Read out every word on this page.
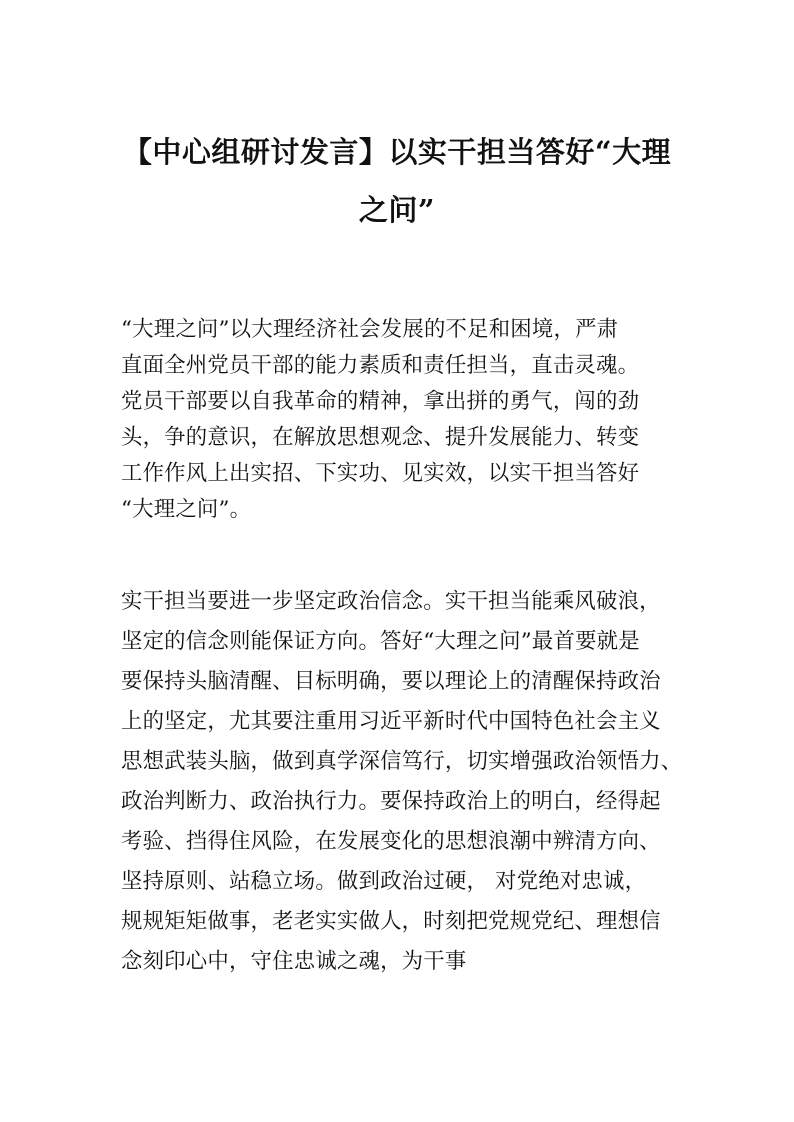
【中心组研讨发言】以实干担当答好“大理
之问”
“大理之问”以大理经济社会发展的不足和困境，严肃
直面全州党员干部的能力素质和责任担当，直击灵魂。
党员干部要以自我革命的精神，拿出拼的勇气，闯的劲
头，争的意识，在解放思想观念、提升发展能力、转变
工作作风上出实招、下实功、见实效，以实干担当答好
“大理之问”。
实干担当要进一步坚定政治信念。实干担当能乘风破浪，
坚定的信念则能保证方向。答好“大理之问”最首要就是
要保持头脑清醒、目标明确，要以理论上的清醒保持政治
上的坚定，尤其要注重用习近平新时代中国特色社会主义
思想武装头脑，做到真学深信笃行，切实增强政治领悟力、
政治判断力、政治执行力。要保持政治上的明白，经得起
考验、挡得住风险，在发展变化的思想浪潮中辨清方向、
坚持原则、站稳立场。做到政治过硬， 对党绝对忠诚，
规规矩矩做事，老老实实做人，时刻把党规党纪、理想信
念刻印心中，守住忠诚之魂，为干事
